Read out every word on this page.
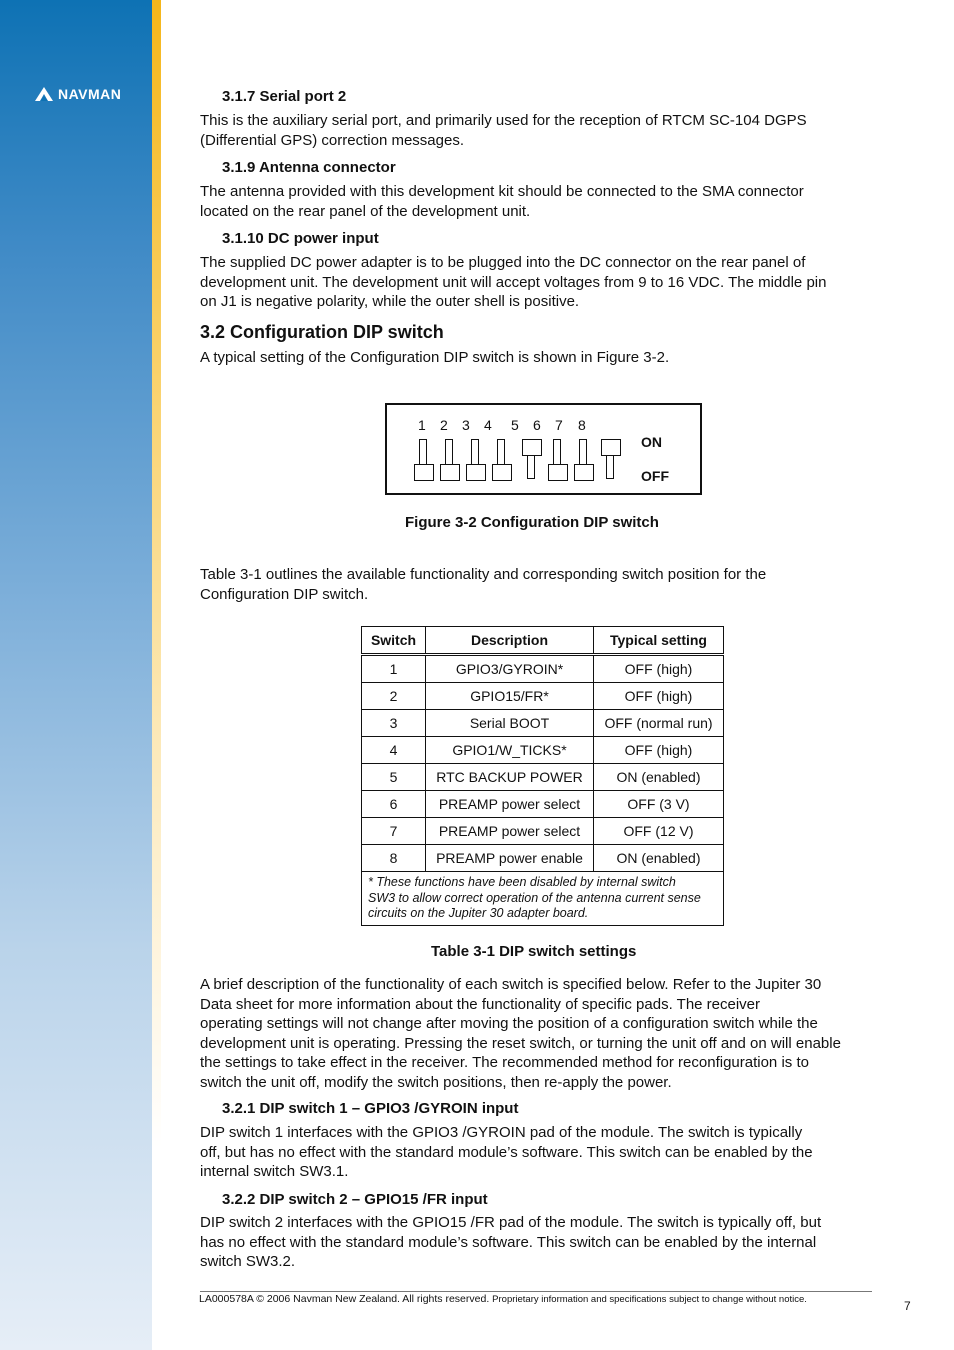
NAVMAN	3.1.7 Serial port 2

This is the auxiliary serial port, and primarily used for the reception of RTCM SC-104 DGPS
(Differential GPS) correction messages.

3.1.9 Antenna connector

The antenna provided with this development kit should be connected to the SMA connector
located on the rear panel of the development unit.

3.1.10 DC power input

The supplied DC power adapter is to be plugged into the DC connector on the rear panel of
development unit. The development unit will accept voltages from 9 to 16 VDC. The middle pin
on J1 is negative polarity, while the outer shell is positive.

3.2 Configuration DIP switch

A typical setting of the Configuration DIP switch is shown in Figure 3-2.

Table 3-1 outlines the available functionality and corresponding switch position for the
Configuration DIP switch.

A brief description of the functionality of each switch is specified below. Refer to the Jupiter 30
Data sheet for more information about the functionality of specific pads. The receiver
operating settings will not change after moving the position of a configuration switch while the
development unit is operating. Pressing the reset switch, or turning the unit off and on will enable
the settings to take effect in the receiver. The recommended method for reconfiguration is to
switch the unit off, modify the switch positions, then re-apply the power.

3.2.1 DIP switch 1 – GPIO3 /GYROIN input

DIP switch 1 interfaces with the GPIO3 /GYROIN pad of the module. The switch is typically
off, but has no effect with the standard module’s software. This switch can be enabled by the
internal switch SW3.1.

3.2.2 DIP switch 2 – GPIO15 /FR input

DIP switch 2 interfaces with the GPIO15 /FR pad of the module. The switch is typically off, but
has no effect with the standard module’s software. This switch can be enabled by the internal
switch SW3.2.

ON
OFF
1 2 3 4 5 6 7 8

Figure 3-2 Configuration DIP switch

Switch	Description	Typical setting
1	GPIO3/GYROIN*	OFF (high)
2	GPIO15/FR*	OFF (high)
3	Serial BOOT	OFF (normal run)
4	GPIO1/W_TICKS*	OFF (high)
5	RTC BACKUP POWER	ON (enabled)
6	PREAMP power select	OFF (3 V)
7	PREAMP power select	OFF (12 V)
8	PREAMP power enable	ON (enabled)
* These functions have been disabled by internal switch
SW3 to allow correct operation of the antenna current sense
circuits on the Jupiter 30 adapter board.		

Table 3-1 DIP switch settings

LA000578A © 2006 Navman New Zealand. All rights reserved. Proprietary information and specifications subject to change without notice.	7
